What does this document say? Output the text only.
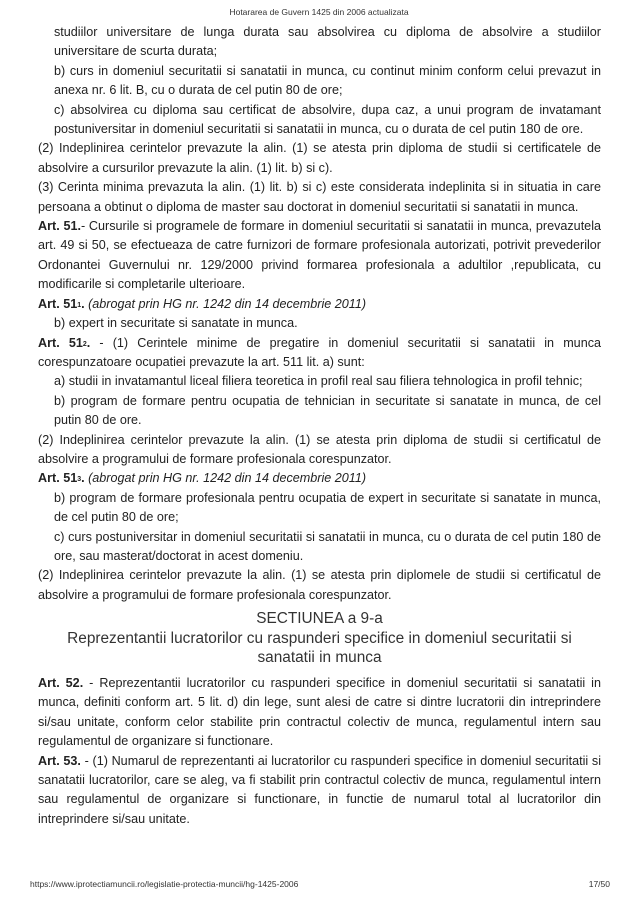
Hotararea de Guvern 1425 din 2006 actualizata

studiilor universitare de lunga durata sau absolvirea cu diploma de absolvire a studiilor universitare de scurta durata;

b) curs in domeniul securitatii si sanatatii in munca, cu continut minim conform celui prevazut in anexa nr. 6 lit. B, cu o durata de cel putin 80 de ore;

c) absolvirea cu diploma sau certificat de absolvire, dupa caz, a unui program de invatamant postuniversitar in domeniul securitatii si sanatatii in munca, cu o durata de cel putin 180 de ore.

(2) Indeplinirea cerintelor prevazute la alin. (1) se atesta prin diploma de studii si certificatele de absolvire a cursurilor prevazute la alin. (1) lit. b) si c).

(3) Cerinta minima prevazuta la alin. (1) lit. b) si c) este considerata indeplinita si in situatia in care persoana a obtinut o diploma de master sau doctorat in domeniul securitatii si sanatatii in munca.

Art. 51.- Cursurile si programele de formare in domeniul securitatii si sanatatii in munca, prevazutela art. 49 si 50, se efectueaza de catre furnizori de formare profesionala autorizati, potrivit prevederilor Ordonantei Guvernului nr. 129/2000 privind formarea profesionala a adultilor ,republicata, cu modificarile si completarile ulterioare.

Art. $51^1$. (abrogat prin HG nr. 1242 din 14 decembrie 2011)

b) expert in securitate si sanatate in munca.

Art. $51^2$. - (1) Cerintele minime de pregatire in domeniul securitatii si sanatatii in munca corespunzatoare ocupatiei prevazute la art. 511 lit. a) sunt:

a) studii in invatamantul liceal filiera teoretica in profil real sau filiera tehnologica in profil tehnic;

b) program de formare pentru ocupatia de tehnician in securitate si sanatate in munca, de cel putin 80 de ore.

(2) Indeplinirea cerintelor prevazute la alin. (1) se atesta prin diploma de studii si certificatul de absolvire a programului de formare profesionala corespunzator.

Art. $51^3$. (abrogat prin HG nr. 1242 din 14 decembrie 2011)

b) program de formare profesionala pentru ocupatia de expert in securitate si sanatate in munca, de cel putin 80 de ore;

c) curs postuniversitar in domeniul securitatii si sanatatii in munca, cu o durata de cel putin 180 de ore, sau masterat/doctorat in acest domeniu.

(2) Indeplinirea cerintelor prevazute la alin. (1) se atesta prin diplomele de studii si certificatul de absolvire a programului de formare profesionala corespunzator.

SECTIUNEA a 9-a
Reprezentantii lucratorilor cu raspunderi specifice in domeniul securitatii si sanatatii in munca

Art. 52. - Reprezentantii lucratorilor cu raspunderi specifice in domeniul securitatii si sanatatii in munca, definiti conform art. 5 lit. d) din lege, sunt alesi de catre si dintre lucratorii din intreprindere si/sau unitate, conform celor stabilite prin contractul colectiv de munca, regulamentul intern sau regulamentul de organizare si functionare.

Art. 53. - (1) Numarul de reprezentanti ai lucratorilor cu raspunderi specifice in domeniul securitatii si sanatatii lucratorilor, care se aleg, va fi stabilit prin contractul colectiv de munca, regulamentul intern sau regulamentul de organizare si functionare, in functie de numarul total al lucratorilor din intreprindere si/sau unitate.

https://www.iprotectiamuncii.ro/legislatie-protectia-muncii/hg-1425-2006	17/50
